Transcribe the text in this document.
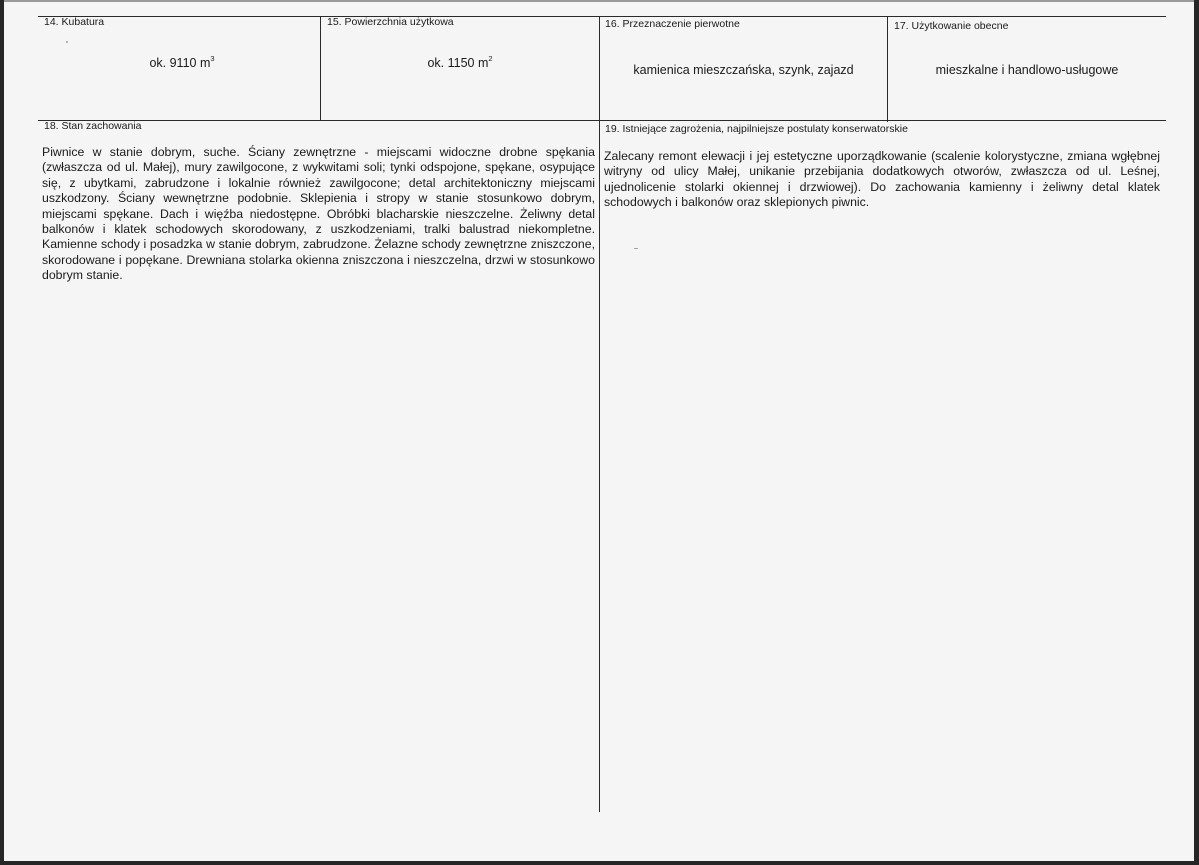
14. Kubatura
ok. 9110 $m^3$
15. Powierzchnia użytkowa
ok. 1150 $m^2$
16. Przeznaczenie pierwotne
kamienica mieszczańska, szynk, zajazd
17. Użytkowanie obecne
mieszkalne i handlowo-usługowe
18. Stan zachowania
Piwnice w stanie dobrym, suche. Ściany zewnętrzne - miejscami widoczne drobne spękania (zwłaszcza od ul. Małej), mury zawilgocone, z wykwitami soli; tynki odspojone, spękane, osypujące się, z ubytkami, zabrudzone i lokalnie również zawilgocone; detal architektoniczny miejscami uszkodzony. Ściany wewnętrzne podobnie. Sklepienia i stropy w stanie stosunkowo dobrym, miejscami spękane. Dach i więźba niedostępne. Obróbki blacharskie nieszczelne. Żeliwny detal balkonów i klatek schodowych skorodowany, z uszkodzeniami, tralki balustrad niekompletne. Kamienne schody i posadzka w stanie dobrym, zabrudzone. Żelazne schody zewnętrzne zniszczone, skorodowane i popękane. Drewniana stolarka okienna zniszczona i nieszczelna, drzwi w stosunkowo dobrym stanie.
19. Istniejące zagrożenia, najpilniejsze postulaty konserwatorskie
Zalecany remont elewacji i jej estetyczne uporządkowanie (scalenie kolorystyczne, zmiana wgłębnej witryny od ulicy Małej, unikanie przebijania dodatkowych otworów, zwłaszcza od ul. Leśnej, ujednolicenie stolarki okiennej i drzwiowej). Do zachowania kamienny i żeliwny detal klatek schodowych i balkonów oraz sklepionych piwnic.
